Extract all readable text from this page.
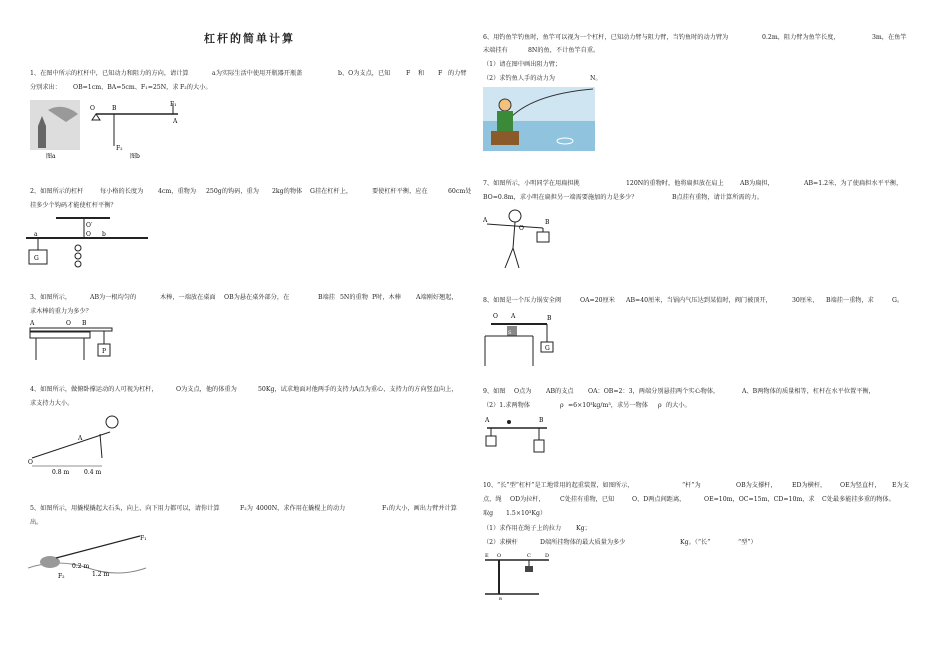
杠杆的简单计算
1、在图中所示的杠杆中，已知动力和阻力的方向，请计算	a为实际生活中使用开瓶器开瓶盖	b、O为支点，已知	F 和 F 的力臂
分别求出： OB=1cm、BA=5cm、F₁=25N，求 F₂的大小。
图a
O	B
A
F₁
F₂
图b
2、如图所示的杠杆	每小格的长度为 4cm，重物为 250g的钩码，重为 2kg的物体 G挂在杠杆上，	要使杠杆平衡，应在	60cm处
挂多少个钩码才能使杠杆平衡？
O′
O
a	b
G
3、如图所示，	AB为一根均匀的	木棒，一端放在桌面 OB为悬在桌外部分，在	B端挂 5N的重物 P时，木棒 A端刚好翘起，
求木棒的重力为多少？
A	O B
P
4、如图所示，做俯卧撑运动的人可视为杠杆，	O为支点，他的体重为	50Kg，试求地面对他两手的支持力 A点为重心，支持力的方向竖直向上，
求支持力大小。
O
A
0.8 m 0.4 m
5、如图所示，用撬棍撬起大石头，向上、向下用力都可以，请你计算	F₂为 4000N，求作用在撬棍上的动力	F₁的大小，画出力臂并计算
出。
F₁
F₂
0.2 m
1.2 m
6、用钓鱼竿钓鱼时，鱼竿可以视为一个杠杆，已知动力臂与阻力臂，当钓鱼时的动力臂为	0.2m，阻力臂为鱼竿长度，	3m，在鱼竿
末端挂有	8N的鱼，不计鱼竿自重。
（1）请在图中画出阻力臂；
（2）求钓鱼人手的动力为	N。
7、如图所示，小明同学在用扁担挑	120N的重物时，他将扁担放在肩上	AB为扁担，	AB=1.2米，为了使扁担水平平衡，
BO=0.8m，求小明在扁担另一端需要施加的力是多少？	B点挂有重物，请计算所需的力。
A
O
B
8、如图是一个压力锅安全阀	OA=20厘米 AB=40厘米，当锅内气压达到某值时，阀门被顶开，	30厘米， B端挂一重物，求	G。
O A	B
S
G
9、如图 O点为 AB的支点 OA：OB=2：3，两端分别悬挂两个实心物体，	A、B两物体的质量相等，杠杆在水平位置平衡，
（2）1.求两物体	ρ =6×10³kg/m³，求另一物体 ρ 的大小。
A	B
10、“长”型“杠杆”是工地常用的起重装置，如图所示，	“杆”为	OB为支撑杆， ED为横杆， OE为竖直杆， E为支
点，绳 OD为拉杆， C处挂有重物，已知	O、D两点间距离，	OE=10m，OC=15m，CD=10m，求 C处最多能挂多重的物体。
取g 1.5×10³Kg）
（1）求作用在绳子上的拉力 Kg；
（2）求横杆	D端所挂物体的最大质量为多少	Kg。（“长”	“型”）
E O	C	D
B
